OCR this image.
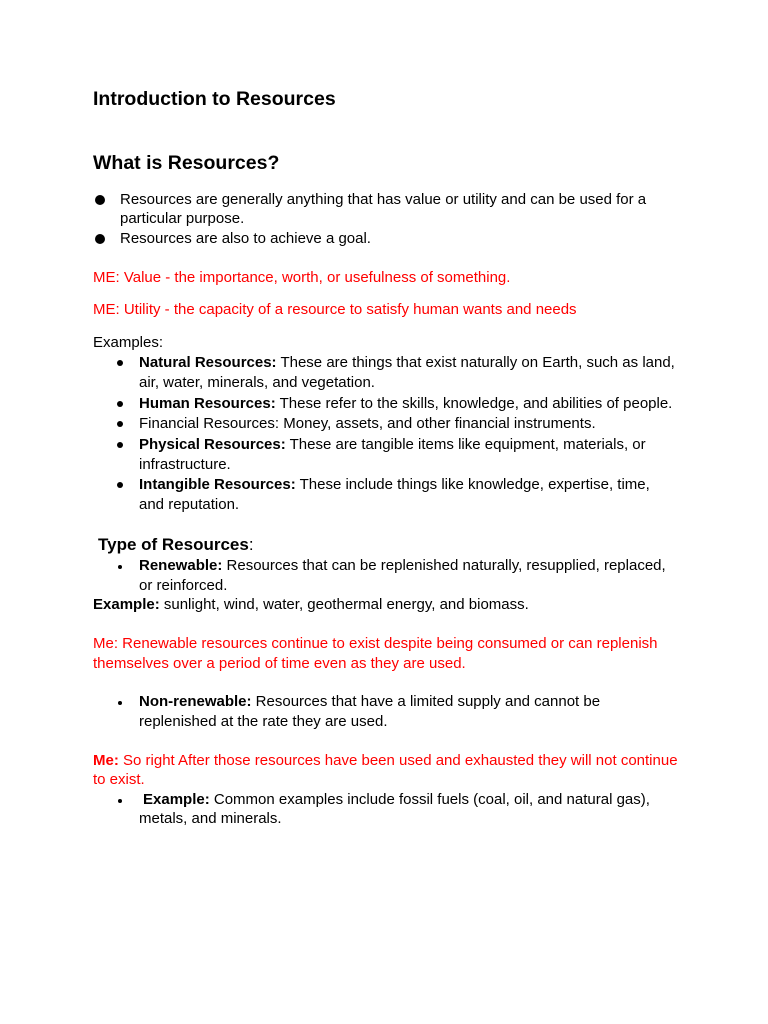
Introduction to Resources
What is Resources?
Resources are generally anything that has value or utility and can be used for a
particular purpose.
Resources are also to achieve a goal.
ME: Value - the importance, worth, or usefulness of something.
ME: Utility - the capacity of a resource to satisfy human wants and needs
Examples:
Natural Resources: These are things that exist naturally on Earth, such as land,
air, water, minerals, and vegetation.
Human Resources: These refer to the skills, knowledge, and abilities of people.
Financial Resources: Money, assets, and other financial instruments.
Physical Resources: These are tangible items like equipment, materials, or
infrastructure.
Intangible Resources: These include things like knowledge, expertise, time,
and reputation.
Type of Resources:
Renewable: Resources that can be replenished naturally, resupplied, replaced,
or reinforced.
Example: sunlight, wind, water, geothermal energy, and biomass.
Me: Renewable resources continue to exist despite being consumed or can replenish
themselves over a period of time even as they are used.
Non-renewable: Resources that have a limited supply and cannot be
replenished at the rate they are used.
Me: So right After those resources have been used and exhausted they will not continue
to exist.
Example: Common examples include fossil fuels (coal, oil, and natural gas),
metals, and minerals.
